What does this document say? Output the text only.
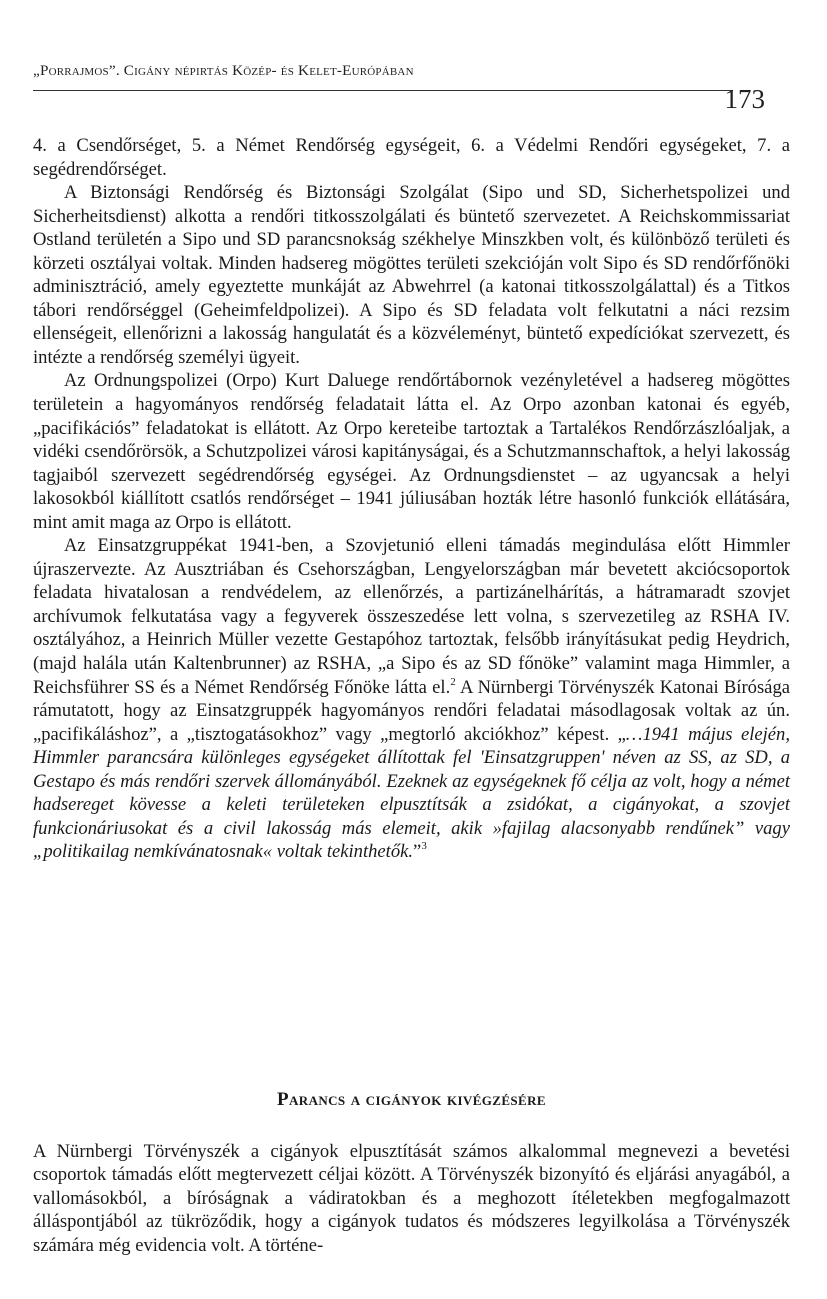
„Porrajmos”. Cigány népirtás Közép- és Kelet-Európában
173

4. a Csendőrséget, 5. a Német Rendőrség egységeit, 6. a Védelmi Rendőri egységeket, 7. a segédrendőrséget.

A Biztonsági Rendőrség és Biztonsági Szolgálat (Sipo und SD, Sicherhetspolizei und Sicherheitsdienst) alkotta a rendőri titkosszolgálati és büntető szervezetet. A Reichskommissariat Ostland területén a Sipo und SD parancsnokság székhelye Minszkben volt, és különböző területi és körzeti osztályai voltak. Minden hadsereg mögöttes területi szekcióján volt Sipo és SD rendőrfőnöki adminisztráció, amely egyeztette munkáját az Abwehrrel (a katonai titkosszolgálattal) és a Titkos tábori rendőrséggel (Geheimfeldpolizei). A Sipo és SD feladata volt felkutatni a náci rezsim ellenségeit, ellenőrizni a lakosság hangulatát és a közvéleményt, büntető expedíciókat szervezett, és intézte a rendőrség személyi ügyeit.

Az Ordnungspolizei (Orpo) Kurt Daluege rendőrtábornok vezényletével a hadsereg mögöttes területein a hagyományos rendőrség feladatait látta el. Az Orpo azonban katonai és egyéb, „pacifikációs” feladatokat is ellátott. Az Orpo kereteibe tartoztak a Tartalékos Rendőrzászlóaljak, a vidéki csendőrörsök, a Schutzpolizei városi kapitányságai, és a Schutzmannschaftok, a helyi lakosság tagjaiból szervezett segédrendőrség egységei. Az Ordnungsdienstet – az ugyancsak a helyi lakosokból kiállított csatlós rendőrséget – 1941 júliusában hozták létre hasonló funkciók ellátására, mint amit maga az Orpo is ellátott.

Az Einsatzgruppékat 1941-ben, a Szovjetunió elleni támadás megindulása előtt Himmler újraszervezte. Az Ausztriában és Csehországban, Lengyelországban már bevetett akciócsoportok feladata hivatalosan a rendvédelem, az ellenőrzés, a partizánelhárítás, a hátramaradt szovjet archívumok felkutatása vagy a fegyverek összeszedése lett volna, s szervezetileg az RSHA IV. osztályához, a Heinrich Müller vezette Gestapóhoz tartoztak, felsőbb irányításukat pedig Heydrich, (majd halála után Kaltenbrunner) az RSHA, „a Sipo és az SD főnöke” valamint maga Himmler, a Reichsführer SS és a Német Rendőrség Főnöke látta el.$^2$ A Nürnbergi Törvényszék Katonai Bírósága rámutatott, hogy az Einsatzgruppék hagyományos rendőri feladatai másodlagosak voltak az ún. „pacifikáláshoz”, a „tisztogatásokhoz” vagy „megtorló akciókhoz” képest. „…1941 május elején, Himmler parancsára különleges egységeket állítottak fel 'Einsatzgruppen' néven az SS, az SD, a Gestapo és más rendőri szervek állományából. Ezeknek az egységeknek fő célja az volt, hogy a német hadsereget kövesse a keleti területeken elpusztítsák a zsidókat, a cigányokat, a szovjet funkcionáriusokat és a civil lakosság más elemeit, akik »fajilag alacsonyabb rendűnek” vagy „politikailag nemkívánatosnak« voltak tekinthetők.”$^3$

Parancs a cigányok kivégzésére

A Nürnbergi Törvényszék a cigányok elpusztítását számos alkalommal megnevezi a bevetési csoportok támadás előtt megtervezett céljai között. A Törvényszék bizonyító és eljárási anyagából, a vallomásokból, a bíróságnak a vádiratokban és a meghozott ítéletekben megfogalmazott álláspontjából az tükröződik, hogy a cigányok tudatos és módszeres legyilkolása a Törvényszék számára még evidencia volt. A történe-
